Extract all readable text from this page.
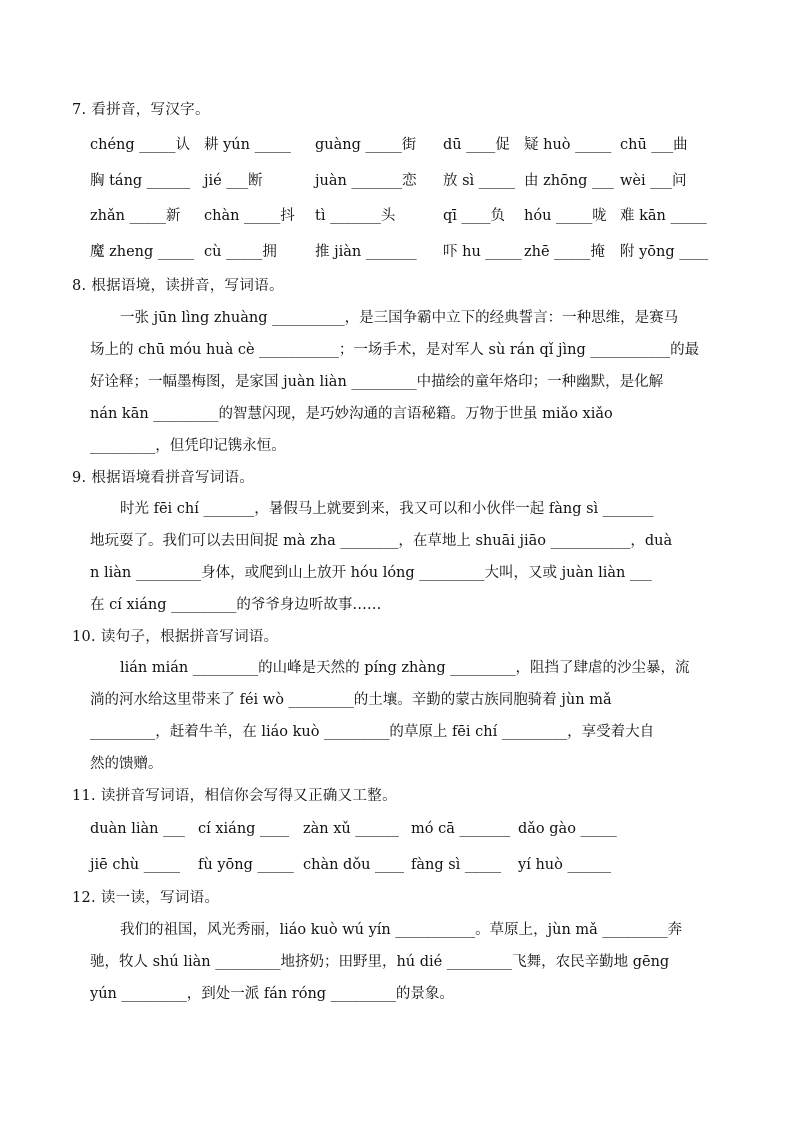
7. 看拼音，写汉字。
chéng _____认 耕 yún _____ guàng _____街 dū ____促 疑 huò _____ chū ___曲
胸 táng ______ jié ___断	juàn _______恋 放 sì _____ 由 zhōng ___ wèi ___问
zhǎn _____新 chàn _____抖 tì _______头	qī ____负 hóu _____咙 难 kān _____
魔 zheng _____ cù _____拥	推 jiàn _______ 吓 hu _____ zhē _____掩 附 yōng ____
8. 根据语境，读拼音，写词语。
一张 jūn lìng zhuàng __________，是三国争霸中立下的经典誓言：一种思维，是赛马
场上的 chū móu huà cè ___________；一场手术，是对军人 sù rán qǐ jìng ___________的最
好诠释；一幅墨梅图，是家国 juàn liàn _________中描绘的童年烙印；一种幽默，是化解
nán kān _________的智慧闪现，是巧妙沟通的言语秘籍。万物于世虽 miǎo xiǎo
_________，但凭印记镌永恒。
9. 根据语境看拼音写词语。
时光 fēi chí _______，暑假马上就要到来，我又可以和小伙伴一起 fàng sì _______
地玩耍了。我们可以去田间捉 mà zha ________，在草地上 shuāi jiāo ___________，duà
n liàn _________身体，或爬到山上放开 hóu lóng _________大叫，又或 juàn liàn ___
在 cí xiáng _________的爷爷身边听故事……
10. 读句子，根据拼音写词语。
lián mián _________的山峰是天然的 píng zhàng _________，阻挡了肆虐的沙尘暴，流
淌的河水给这里带来了 féi wò _________的土壤。辛勤的蒙古族同胞骑着 jùn mǎ
_________，赶着牛羊，在 liáo kuò _________的草原上 fēi chí _________，享受着大自
然的馈赠。
11. 读拼音写词语，相信你会写得又正确又工整。
duàn liàn ___ cí xiáng ____ zàn xǔ ______ mó cā _______ dǎo gào _____
jiē chù _____ fù yōng _____ chàn dǒu ____ fàng sì _____ yí huò ______
12. 读一读，写词语。
我们的祖国，风光秀丽，liáo kuò wú yín ___________。草原上，jùn mǎ _________奔
驰，牧人 shú liàn _________地挤奶；田野里，hú dié _________飞舞，农民辛勤地 gēng
yún _________，到处一派 fán róng _________的景象。
